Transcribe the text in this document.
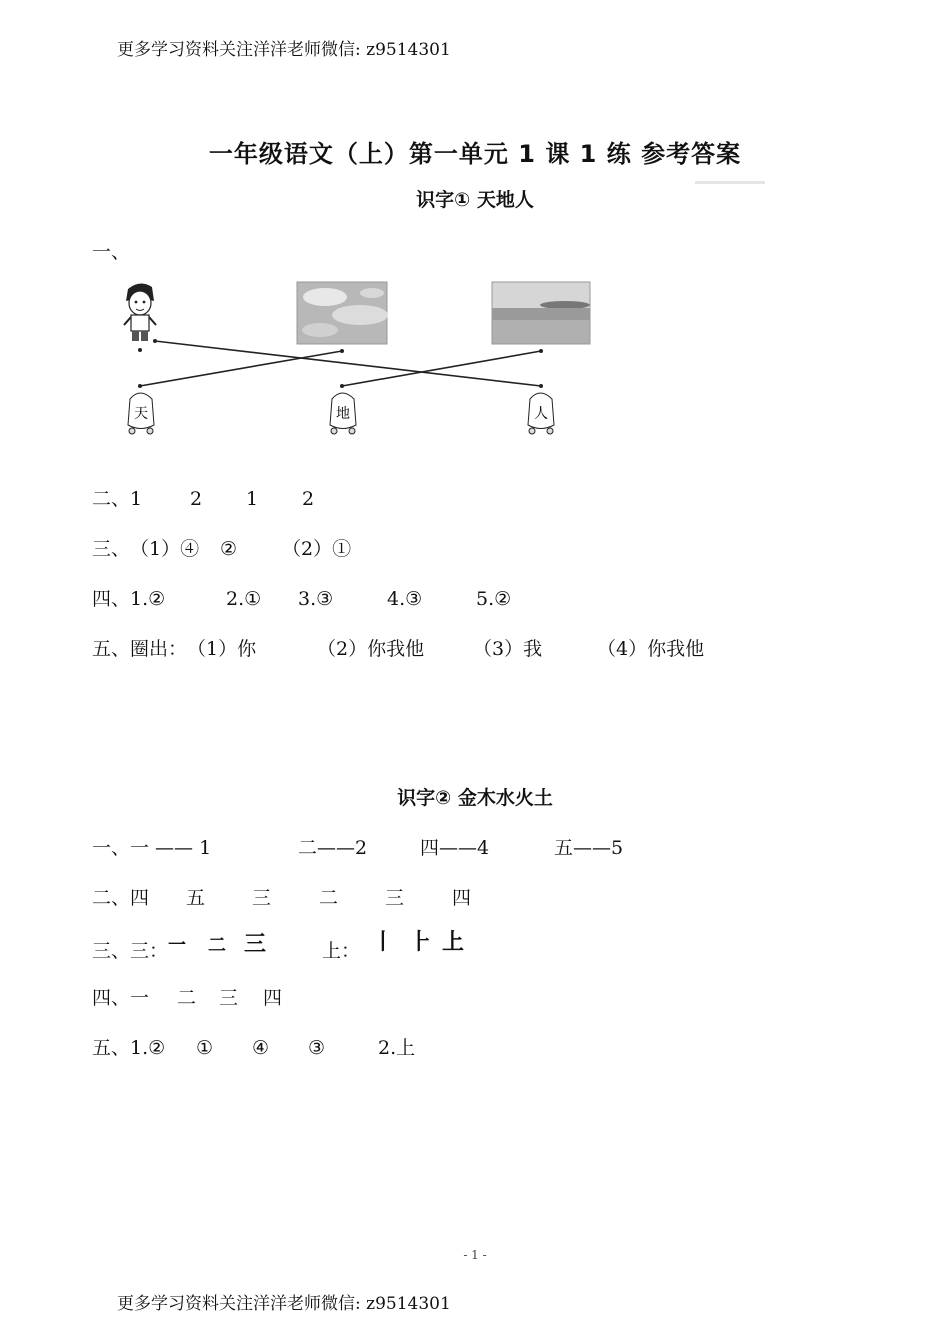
更多学习资料关注洋洋老师微信: z9514301
一年级语文（上）第一单元 1 课 1 练 参考答案
识字① 天地人
一、
天	地	人
二、1	2 1 2
三、（1）④ ② （2）①
四、1.②	2.① 3.③	4.③	5.②
五、圈出：（1）你	（2）你我他	（3）我	（4）你我他
识字② 金木水火土
一、一 —— 1	二——2	四——4	五——5
二、四 五 三	二 三	四
三、三：一 二 三	上： 丨 ⺊ 上
四、一 二 三 四
五、1.② ① ④ ③	2.上
- 1 -
更多学习资料关注洋洋老师微信: z9514301
